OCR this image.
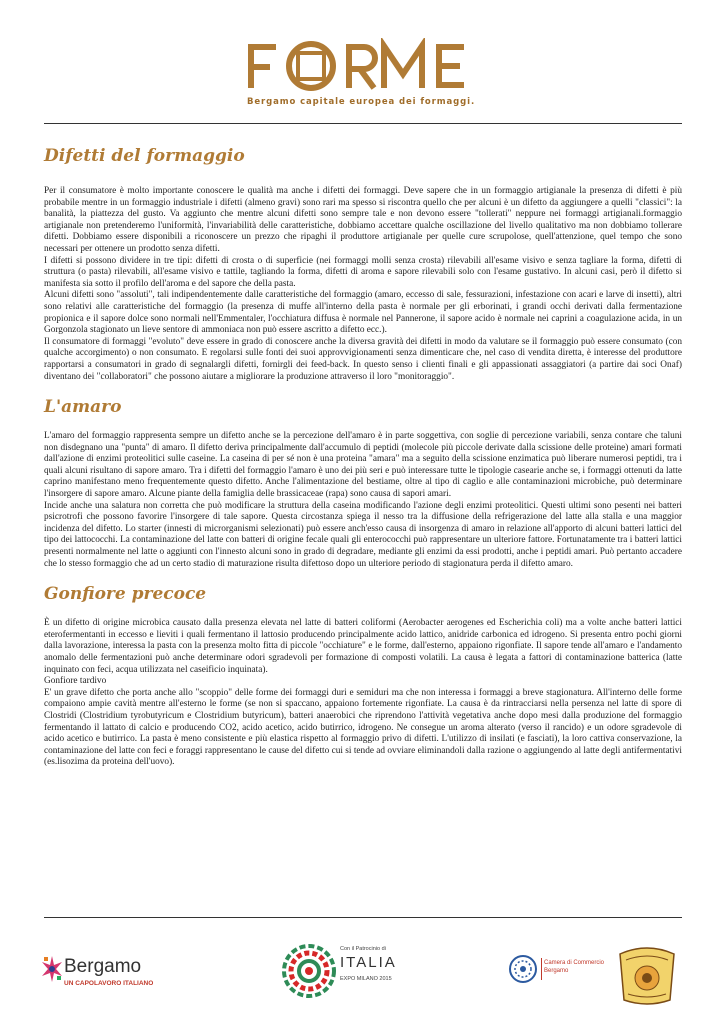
Bergamo capitale europea dei formaggi.
Difetti del formaggio

Per il consumatore è molto importante conoscere le qualità ma anche i difetti dei formaggi. Deve sapere che in un formaggio artigianale la presenza di difetti è più probabile mentre in un formaggio industriale i difetti (almeno gravi) sono rari ma spesso si riscontra quello che per alcuni è un difetto da aggiungere a quelli "classici": la banalità, la piattezza del gusto. Va aggiunto che mentre alcuni difetti sono sempre tale e non devono essere "tollerati" neppure nei formaggi artigianali.formaggio artigianale non pretenderemo l'uniformità, l'invariabilità delle caratteristiche, dobbiamo accettare qualche oscillazione del livello qualitativo ma non dobbiamo tollerare difetti. Dobbiamo essere disponibili a riconoscere un prezzo che ripaghi il produttore artigianale per quelle cure scrupolose, quell'attenzione, quel tempo che sono necessari per ottenere un prodotto senza difetti.

I difetti si possono dividere in tre tipi: difetti di crosta o di superficie (nei formaggi molli senza crosta) rilevabili all'esame visivo e senza tagliare la forma, difetti di struttura (o pasta) rilevabili, all'esame visivo e tattile, tagliando la forma, difetti di aroma e sapore rilevabili solo con l'esame gustativo. In alcuni casi, però il difetto si manifesta sia sotto il profilo dell'aroma e del sapore che della pasta.

Alcuni difetti sono "assoluti", tali indipendentemente dalle caratteristiche del formaggio (amaro, eccesso di sale, fessurazioni, infestazione con acari e larve di insetti), altri sono relativi alle caratteristiche del formaggio (la presenza di muffe all'interno della pasta è normale per gli erborinati, i grandi occhi derivati dalla fermentazione propionica e il sapore dolce sono normali nell'Emmentaler, l'occhiatura diffusa è normale nel Pannerone, il sapore acido è normale nei caprini a coagulazione acida, in un Gorgonzola stagionato un lieve sentore di ammoniaca non può essere ascritto a difetto ecc.).

Il consumatore di formaggi "evoluto" deve essere in grado di conoscere anche la diversa gravità dei difetti in modo da valutare se il formaggio può essere consumato (con qualche accorgimento) o non consumato. E regolarsi sulle fonti dei suoi approvvigionamenti senza dimenticare che, nel caso di vendita diretta, è interesse del produttore rapportarsi a consumatori in grado di segnalargli difetti, fornirgli dei feed-back. In questo senso i clienti finali e gli appassionati assaggiatori (a partire dai soci Onaf) diventano dei "collaboratori" che possono aiutare a migliorare la produzione attraverso il loro "monitoraggio".

L'amaro

L'amaro del formaggio rappresenta sempre un difetto anche se la percezione dell'amaro è in parte soggettiva, con soglie di percezione variabili, senza contare che taluni non disdegnano una "punta" di amaro. Il difetto deriva principalmente dall'accumulo di peptidi (molecole più piccole derivate dalla scissione delle proteine) amari formati dall'azione di enzimi proteolitici sulle caseine. La caseina di per sé non è una proteina "amara" ma a seguito della scissione enzimatica può liberare numerosi peptidi, tra i quali alcuni risultano di sapore amaro. Tra i difetti del formaggio l'amaro è uno dei più seri e può interessare tutte le tipologie casearie anche se, i formaggi ottenuti da latte caprino manifestano meno frequentemente questo difetto. Anche l'alimentazione del bestiame, oltre al tipo di caglio e alle contaminazioni microbiche, può determinare l'insorgere di sapore amaro. Alcune piante della famiglia delle brassicaceae (rapa) sono causa di sapori amari.

Incide anche una salatura non corretta che può modificare la struttura della caseina modificando l'azione degli enzimi proteolitici. Questi ultimi sono pesenti nei batteri psicrotrofi che possono favorire l'insorgere di tale sapore. Questa circostanza spiega il nesso tra la diffusione della refrigerazione del latte alla stalla e una maggior incidenza del difetto. Lo starter (innesti di microrganismi selezionati) può essere anch'esso causa di insorgenza di amaro in relazione all'apporto di alcuni batteri lattici del tipo dei lattococchi. La contaminazione del latte con batteri di origine fecale quali gli enterococchi può rappresentare un ulteriore fattore. Fortunatamente tra i batteri lattici presenti normalmente nel latte o aggiunti con l'innesto alcuni sono in grado di degradare, mediante gli enzimi da essi prodotti, anche i peptidi amari. Può pertanto accadere che lo stesso formaggio che ad un certo stadio di maturazione risulta difettoso dopo un ulteriore periodo di stagionatura perda il difetto amaro.

Gonfiore precoce

È un difetto di origine microbica causato dalla presenza elevata nel latte di batteri coliformi (Aerobacter aerogenes ed Escherichia coli) ma a volte anche batteri lattici eterofermentanti in eccesso e lieviti i quali fermentano il lattosio producendo principalmente acido lattico, anidride carbonica ed idrogeno. Si presenta entro pochi giorni dalla lavorazione, interessa la pasta con la presenza molto fitta di piccole "occhiature" e le forme, dall'esterno, appaiono rigonfiate. Il sapore tende all'amaro e l'andamento anomalo delle fermentazioni può anche determinare odori sgradevoli per formazione di composti volatili. La causa è legata a fattori di contaminazione batterica (latte inquinato con feci, acqua utilizzata nel caseificio inquinata).

Gonfiore tardivo

E' un grave difetto che porta anche allo "scoppio" delle forme dei formaggi duri e semiduri ma che non interessa i formaggi a breve stagionatura. All'interno delle forme compaiono ampie cavità mentre all'esterno le forme (se non si spaccano, appaiono fortemente rigonfiate. La causa è da rintracciarsi nella persenza nel latte di spore di Clostridi (Clostridium tyrobutyricum e Clostridium butyricum), batteri anaerobici che riprendono l'attività vegetativa anche dopo mesi dalla produzione del formaggio fermentando il lattato di calcio e producendo CO2, acido acetico, acido butirrico, idrogeno. Ne consegue un aroma alterato (verso il rancido) e un odore sgradevole di acido acetico e butirrico. La pasta è meno consistente e più elastica rispetto al formaggio privo di difetti. L'utilizzo di insilati (e fasciati), la loro cattiva conservazione, la contaminazione del latte con feci e foraggi rappresentano le cause del difetto cui si tende ad ovviare eliminandoli dalla razione o aggiungendo al latte degli antifermentativi (es.lisozima da proteina dell'uovo).

Bergamo
UN CAPOLAVORO ITALIANO
Con il Patrocinio di
ITALIA
EXPO MILANO 2015
Camera di Commercio
Bergamo
